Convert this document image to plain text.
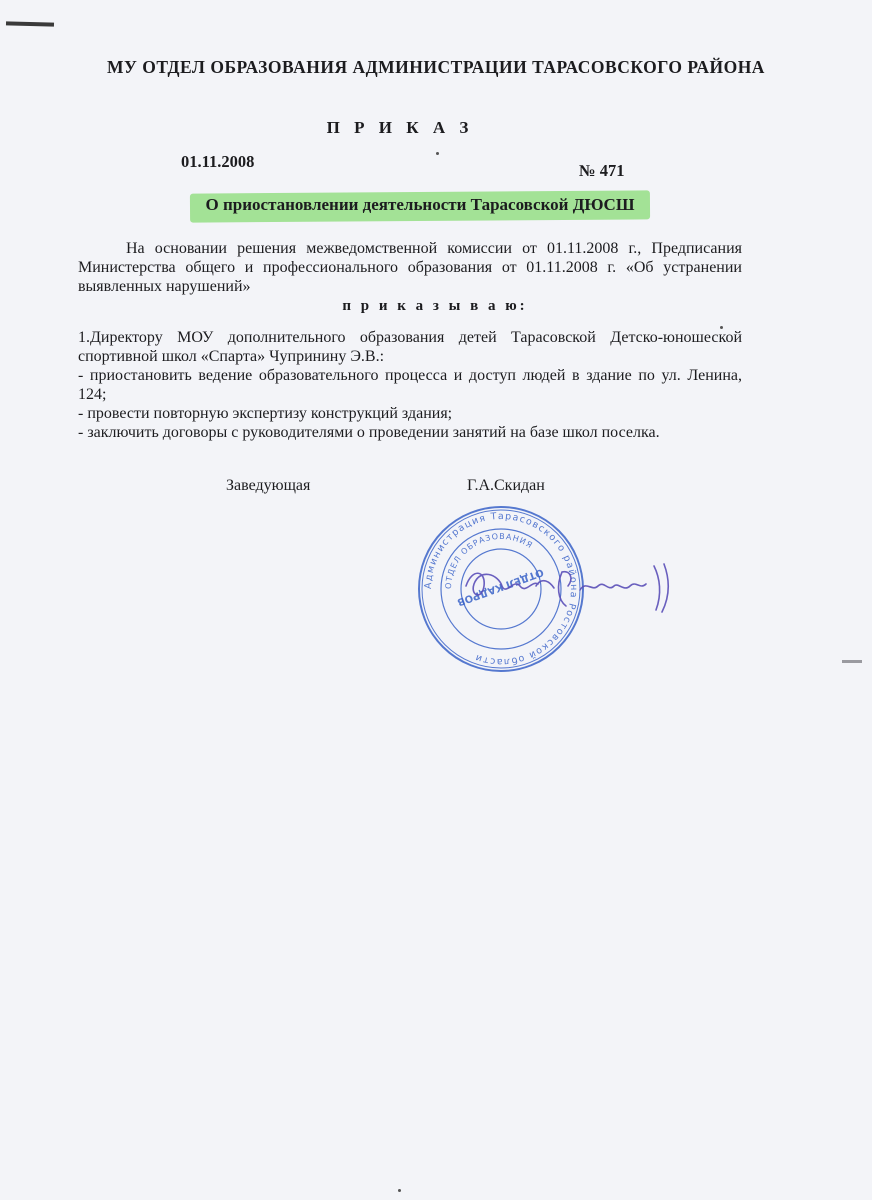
МУ ОТДЕЛ ОБРАЗОВАНИЯ АДМИНИСТРАЦИИ ТАРАСОВСКОГО РАЙОНА
П Р И К А З
01.11.2008	№ 471
О приостановлении деятельности Тарасовской ДЮСШ
На основании решения межведомственной комиссии от 01.11.2008 г., Предписания Министерства общего и профессионального образования от 01.11.2008 г. «Об устранении выявленных нарушений»
п р и к а з ы в а ю:
1.Директору МОУ дополнительного образования детей Тарасовской Детско-юношеской спортивной школ «Спарта» Чупринину Э.В.:
- приостановить ведение образовательного процесса и доступ людей в здание по ул. Ленина, 124;
- провести повторную экспертизу конструкций здания;
- заключить договоры с руководителями о проведении занятий на базе школ поселка.
Заведующая	Г.А.Скидан
Администрация Тарасовского района Ростовской области
ОТДЕЛ ОБРАЗОВАНИЯ
ОТДЕЛ КАДРОВ
